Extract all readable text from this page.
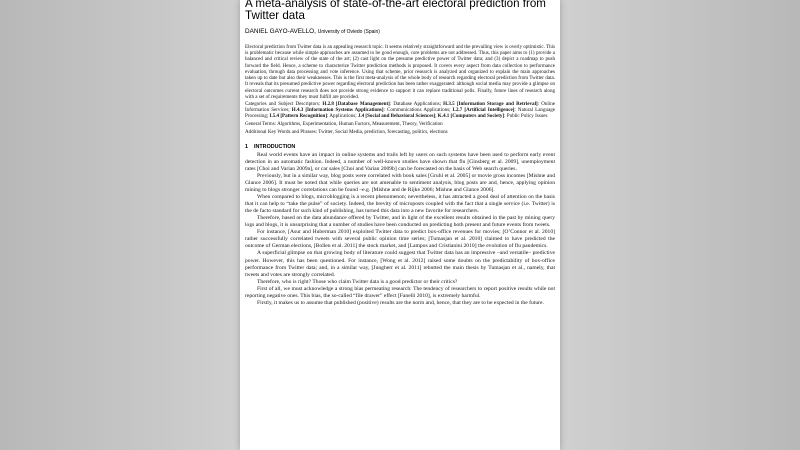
A meta-analysis of state-of-the-art electoral prediction from Twitter data
DANIEL GAYO-AVELLO, University of Oviedo (Spain)
Electoral prediction from Twitter data is an appealing research topic. It seems relatively straightforward and the prevailing view is overly optimistic. This is problematic because while simple approaches are assumed to be good enough, core problems are not addressed. Thus, this paper aims to (1) provide a balanced and critical review of the state of the art; (2) cast light on the presume predictive power of Twitter data; and (3) depict a roadmap to push forward the field. Hence, a scheme to characterize Twitter prediction methods is proposed. It covers every aspect from data collection to performance evaluation, through data processing and vote inference. Using that scheme, prior research is analyzed and organized to explain the main approaches taken up to date but also their weaknesses. This is the first meta-analysis of the whole body of research regarding electoral prediction from Twitter data. It reveals that its presumed predictive power regarding electoral prediction has been rather exaggerated: although social media may provide a glimpse on electoral outcomes current research does not provide strong evidence to support it can replace traditional polls. Finally, future lines of research along with a set of requirements they must fulfill are provided.
Categories and Subject Descriptors: H.2.8 [Database Management]: Database Applications; H.3.5 [Information Storage and Retrieval]: Online Information Services; H.4.3 [Information Systems Applications]: Communications Applications; L2.7 [Artificial Intelligence]: Natural Language Processing; I.5.4 [Pattern Recognition]: Applications; J.4 [Social and Behavioral Sciences]; K.4.1 [Computers and Society]: Public Policy Issues
General Terms: Algorithms, Experimentation, Human Factors, Measurement, Theory, Verification
Additional Key Words and Phrases: Twitter, Social Media, prediction, forecasting, politics, elections
1 INTRODUCTION

Real world events have an impact in online systems and trails left by users on such systems have been used to perform early event detection in an automatic fashion. Indeed, a number of well-known studies have shown that flu [Ginsberg et al. 2009], unemployment rates [Choi and Varian 2009a], or car sales [Choi and Varian 2009b] can be forecasted on the basis of Web search queries.

Previously, but in a similar way, blog posts were correlated with book sales [Gruhl et al. 2005] or movie gross incomes [Mishne and Glance 2006]. It must be noted that while queries are not amenable to sentiment analysis, blog posts are and, hence, applying opinion mining to blogs stronger correlations can be found –e.g. [Mishne and de Rijke 2006; Mishne and Glance 2006].

When compared to blogs, microblogging is a recent phenomenon; nevertheless, it has attracted a good deal of attention on the basis that it can help to “take the pulse” of society. Indeed, the brevity of microposts coupled with the fact that a single service (i.e. Twitter) is the de facto standard for such kind of publishing, has turned this data into a new favorite for researchers.

Therefore, based on the data abundance offered by Twitter, and in light of the excellent results obtained in the past by mining query logs and blogs, it is unsurprising that a number of studies have been conducted on predicting both present and future events from tweets.

For instance, [Asur and Huberman 2010] exploited Twitter data to predict box-office revenues for movies; [O’Connor et al. 2010] rather successfully correlated tweets with several public opinion time series; [Tumasjan et al. 2010] claimed to have predicted the outcome of German elections, [Bollen et al. 2011] the stock market, and [Lampos and Cristianini 2010] the evolution of flu pandemics.

A superficial glimpse on that growing body of literature could suggest that Twitter data has an impressive –and versatile– predictive power. However, this has been questioned. For instance, [Wong et al. 2012] raised some doubts on the predictability of box-office performance from Twitter data; and, in a similar way, [Jungherr et al. 2011] rebutted the main thesis by Tumasjan et al., namely, that tweets and votes are strongly correlated.

Therefore, who is right? Those who claim Twitter data is a good predictor or their critics?

First of all, we must acknowledge a strong bias permeating research: The tendency of researchers to report positive results while not reporting negative ones. This bias, the so-called “file drawer” effect [Fanelli 2010], is extremely harmful.

Firstly, it makes us to assume that published (positive) results are the norm and, hence, that they are to be expected in the future.
